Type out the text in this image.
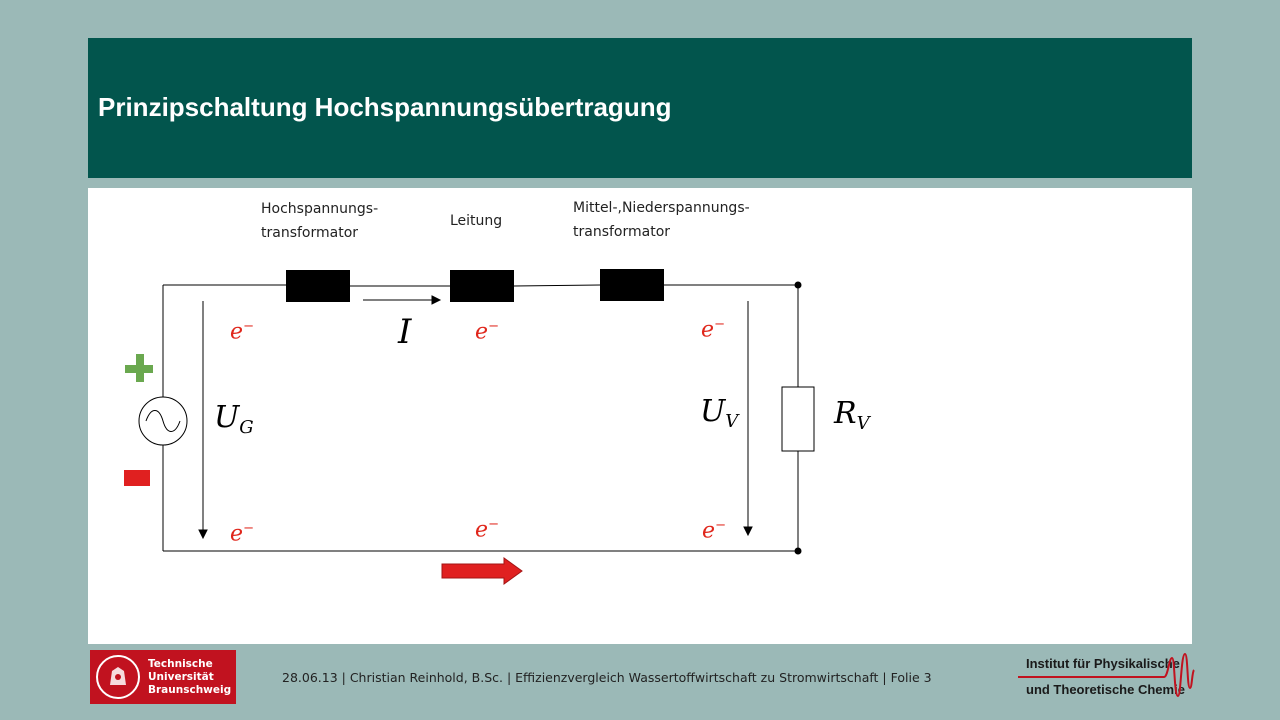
Prinzipschaltung Hochspannungsübertragung
Hochspannungs-
transformator
Leitung
Mittel-,Niederspannungs-
transformator
I
$U_G$	$U_V$	$R_V$
e−	e−	e−
e−	e−	e−
Technische
Universität
Braunschweig
28.06.13 | Christian Reinhold, B.Sc. | Effizienzvergleich Wassertoffwirtschaft zu Stromwirtschaft | Folie 3
Institut für Physikalische
und Theoretische Chemie
